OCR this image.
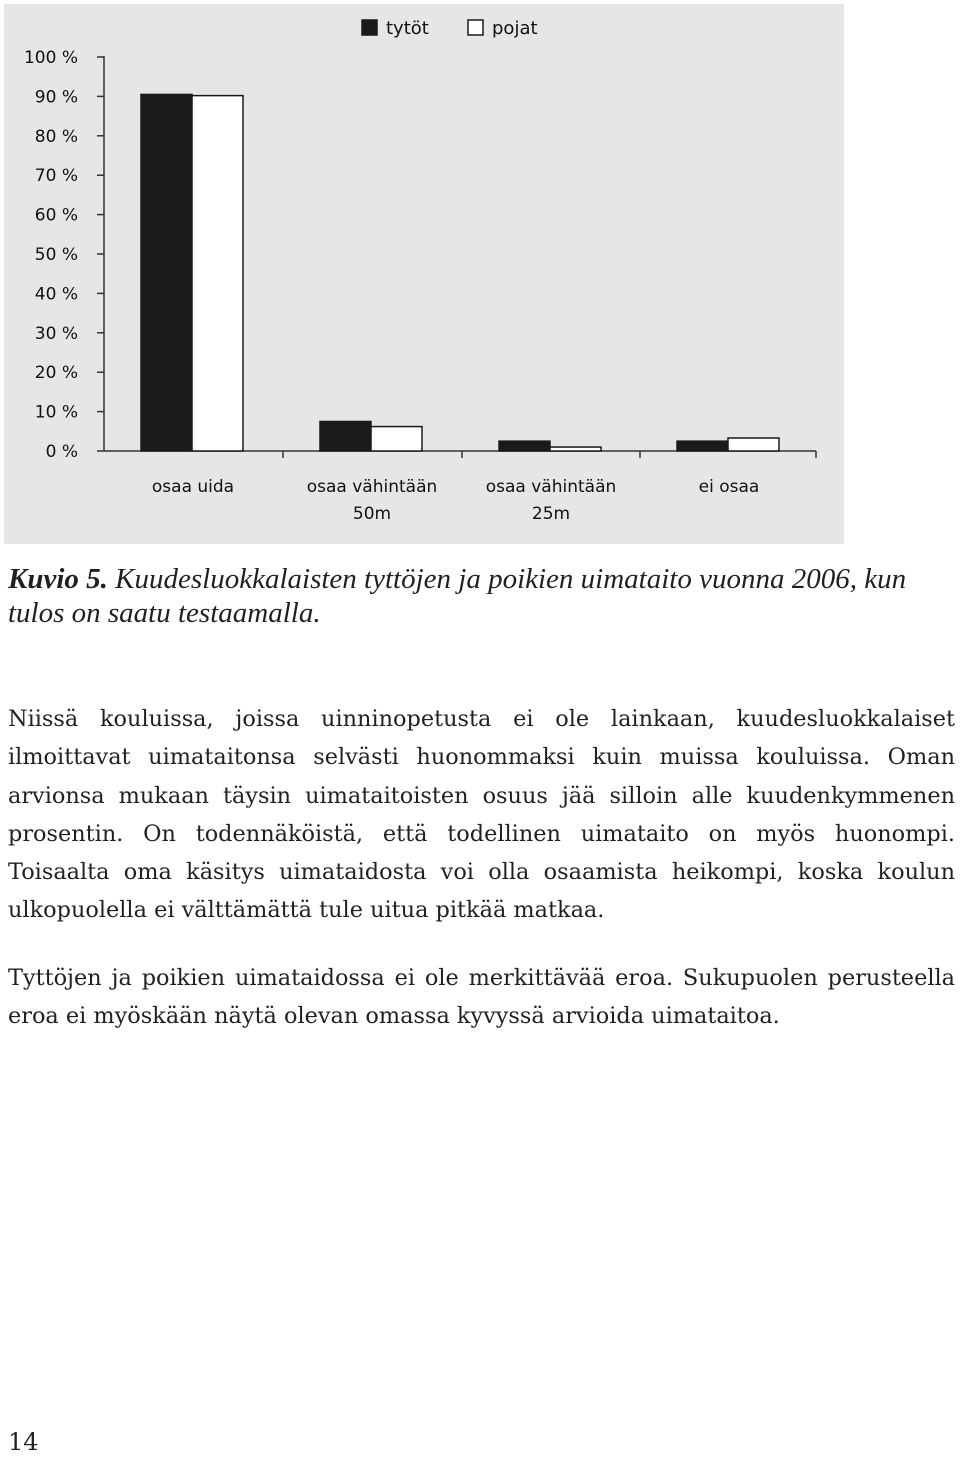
0 %
10 %
20 %
30 %
40 %
50 %
60 %
70 %
80 %
90 %
100 %
osaa uida	osaa vähintään
50m
osaa vähintään
25m
ei osaa
tytöt	pojat
Kuvio 5. Kuudesluokkalaisten tyttöjen ja poikien uimataito vuonna 2006, kun tulos on saatu testaamalla.

Niissä kouluissa, joissa uinninopetusta ei ole lainkaan, kuudesluokkalaiset ilmoittavat uimataitonsa selvästi huonommaksi kuin muissa kouluissa. Oman arvionsa mukaan täysin uimataitoisten osuus jää silloin alle kuudenkymmenen prosentin. On todennäköistä, että todellinen uimataito on myös huonompi. Toisaalta oma käsitys uimataidosta voi olla osaamista heikompi, koska koulun ulkopuolella ei välttämättä tule uitua pitkää matkaa.

Tyttöjen ja poikien uimataidossa ei ole merkittävää eroa. Sukupuolen perusteella eroa ei myöskään näytä olevan omassa kyvyssä arvioida uimataitoa.

14
